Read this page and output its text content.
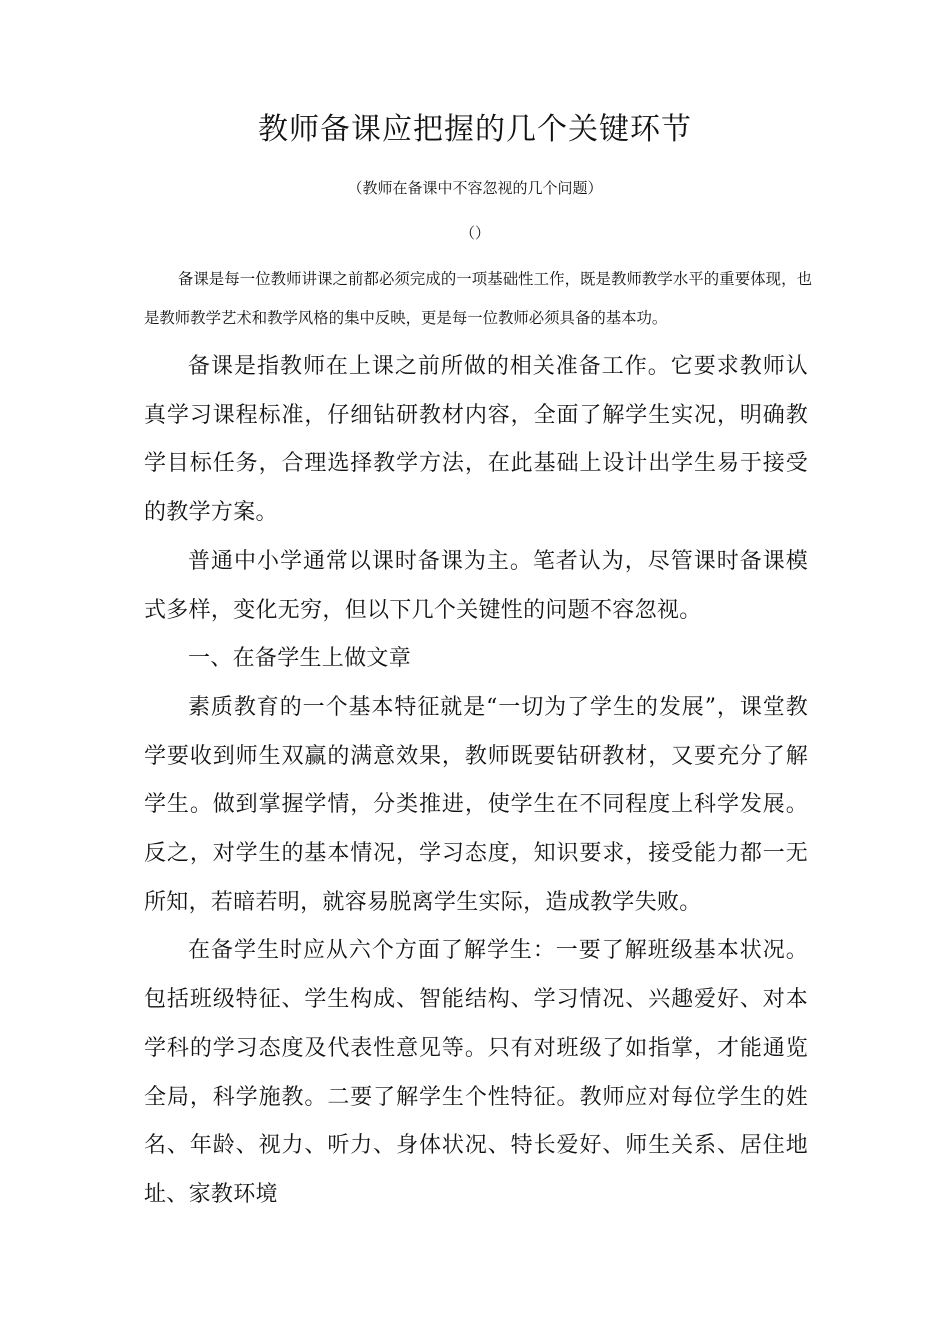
教师备课应把握的几个关键环节
（教师在备课中不容忽视的几个问题）
（）

备课是每一位教师讲课之前都必须完成的一项基础性工作，既是教师教学水平的重要体现，也是教师教学艺术和教学风格的集中反映，更是每一位教师必须具备的基本功。

备课是指教师在上课之前所做的相关准备工作。它要求教师认真学习课程标准，仔细钻研教材内容，全面了解学生实况，明确教学目标任务，合理选择教学方法，在此基础上设计出学生易于接受的教学方案。

普通中小学通常以课时备课为主。笔者认为，尽管课时备课模式多样，变化无穷，但以下几个关键性的问题不容忽视。

一、在备学生上做文章

素质教育的一个基本特征就是“一切为了学生的发展”，课堂教学要收到师生双赢的满意效果，教师既要钻研教材，又要充分了解学生。做到掌握学情，分类推进，使学生在不同程度上科学发展。反之，对学生的基本情况，学习态度，知识要求，接受能力都一无所知，若暗若明，就容易脱离学生实际，造成教学失败。

在备学生时应从六个方面了解学生：一要了解班级基本状况。包括班级特征、学生构成、智能结构、学习情况、兴趣爱好、对本学科的学习态度及代表性意见等。只有对班级了如指掌，才能通览全局，科学施教。二要了解学生个性特征。教师应对每位学生的姓名、年龄、视力、听力、身体状况、特长爱好、师生关系、居住地址、家教环境
